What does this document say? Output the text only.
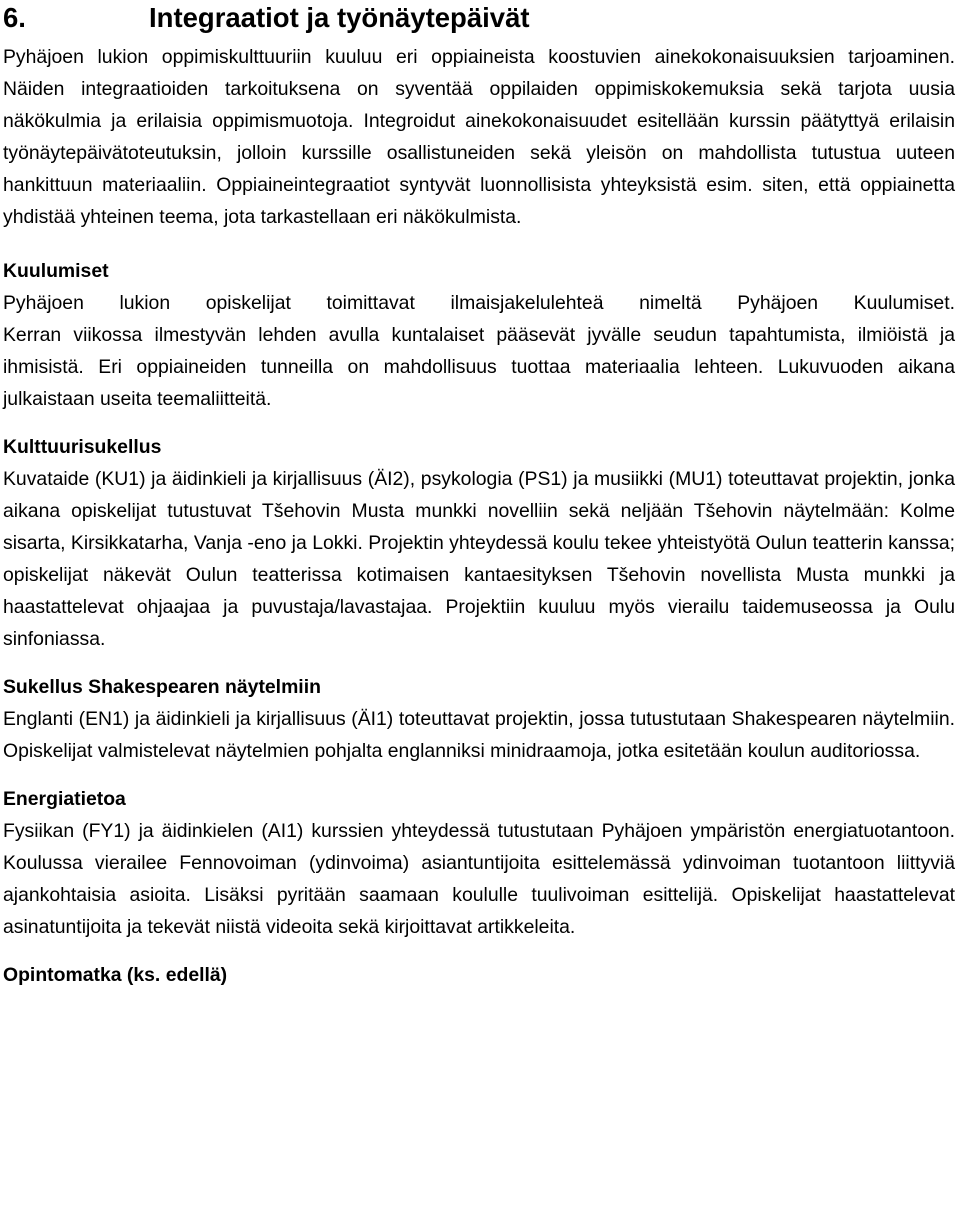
6.	Integraatiot ja työnäytepäivät

Pyhäjoen lukion oppimiskulttuuriin kuuluu eri oppiaineista koostuvien ainekokonaisuuksien tarjoaminen. Näiden integraatioiden tarkoituksena on syventää oppilaiden oppimiskokemuksia sekä tarjota uusia näkökulmia ja erilaisia oppimismuotoja. Integroidut ainekokonaisuudet esitellään kurssin päätyttyä erilaisin työnäytepäivätoteutuksin, jolloin kurssille osallistuneiden sekä yleisön on mahdollista tutustua uuteen hankittuun materiaaliin. Oppiaineintegraatiot syntyvät luonnollisista yhteyksistä esim. siten, että oppiainetta yhdistää yhteinen teema, jota tarkastellaan eri näkökulmista.

Kuulumiset

Pyhäjoen lukion opiskelijat toimittavat ilmaisjakelulehteä nimeltä Pyhäjoen Kuulumiset.

Kerran viikossa ilmestyvän lehden avulla kuntalaiset pääsevät jyvälle seudun tapahtumista, ilmiöistä ja ihmisistä. Eri oppiaineiden tunneilla on mahdollisuus tuottaa materiaalia lehteen. Lukuvuoden aikana julkaistaan useita teemaliitteitä.

Kulttuurisukellus

Kuvataide (KU1) ja äidinkieli ja kirjallisuus (ÄI2), psykologia (PS1) ja musiikki (MU1) toteuttavat projektin, jonka aikana opiskelijat tutustuvat Tšehovin Musta munkki novelliin sekä neljään Tšehovin näytelmään: Kolme sisarta, Kirsikkatarha, Vanja -eno ja Lokki. Projektin yhteydessä koulu tekee yhteistyötä Oulun teatterin kanssa; opiskelijat näkevät Oulun teatterissa kotimaisen kantaesityksen Tšehovin novellista Musta munkki ja haastattelevat ohjaajaa ja puvustaja/lavastajaa. Projektiin kuuluu myös vierailu taidemuseossa ja Oulu sinfoniassa.

Sukellus Shakespearen näytelmiin

Englanti (EN1) ja äidinkieli ja kirjallisuus (ÄI1) toteuttavat projektin, jossa tutustutaan Shakespearen näytelmiin. Opiskelijat valmistelevat näytelmien pohjalta englanniksi minidraamoja, jotka esitetään koulun auditoriossa.

Energiatietoa

Fysiikan (FY1) ja äidinkielen (AI1) kurssien yhteydessä tutustutaan Pyhäjoen ympäristön energiatuotantoon. Koulussa vierailee Fennovoiman (ydinvoima) asiantuntijoita esittelemässä ydinvoiman tuotantoon liittyviä ajankohtaisia asioita. Lisäksi pyritään saamaan koululle tuulivoiman esittelijä. Opiskelijat haastattelevat asinatuntijoita ja tekevät niistä videoita sekä kirjoittavat artikkeleita.

Opintomatka (ks. edellä)
